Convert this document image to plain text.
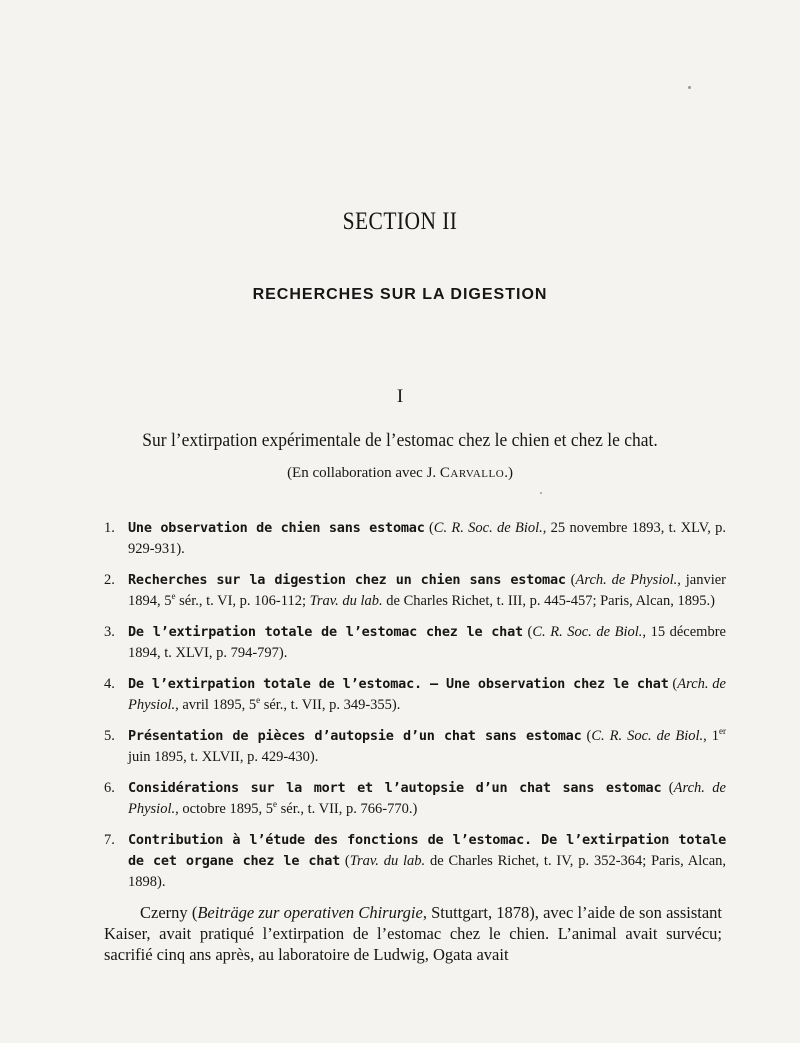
SECTION II
RECHERCHES SUR LA DIGESTION
I
Sur l’extirpation expérimentale de l’estomac chez le chien et chez le chat.
(En collaboration avec J. Carvallo.)
1. Une observation de chien sans estomac (C. R. Soc. de Biol., 25 novembre 1893, t. XLV, p. 929-931).
2. Recherches sur la digestion chez un chien sans estomac (Arch. de Physiol., janvier 1894, 5e sér., t. VI, p. 106-112; Trav. du lab. de Charles Richet, t. III, p. 445-457; Paris, Alcan, 1895.)
3. De l’extirpation totale de l’estomac chez le chat (C. R. Soc. de Biol., 15 décembre 1894, t. XLVI, p. 794-797).
4. De l’extirpation totale de l’estomac. — Une observation chez le chat (Arch. de Physiol., avril 1895, 5e sér., t. VII, p. 349-355).
5. Présentation de pièces d’autopsie d’un chat sans estomac (C. R. Soc. de Biol., 1er juin 1895, t. XLVII, p. 429-430).
6. Considérations sur la mort et l’autopsie d’un chat sans estomac (Arch. de Physiol., octobre 1895, 5e sér., t. VII, p. 766-770.)
7. Contribution à l’étude des fonctions de l’estomac. De l’extirpation totale de cet organe chez le chat (Trav. du lab. de Charles Richet, t. IV, p. 352-364; Paris, Alcan, 1898).

Czerny (Beiträge zur operativen Chirurgie, Stuttgart, 1878), avec l’aide de son assistant Kaiser, avait pratiqué l’extirpation de l’estomac chez le chien. L’animal avait survécu; sacrifié cinq ans après, au laboratoire de Ludwig, Ogata avait
